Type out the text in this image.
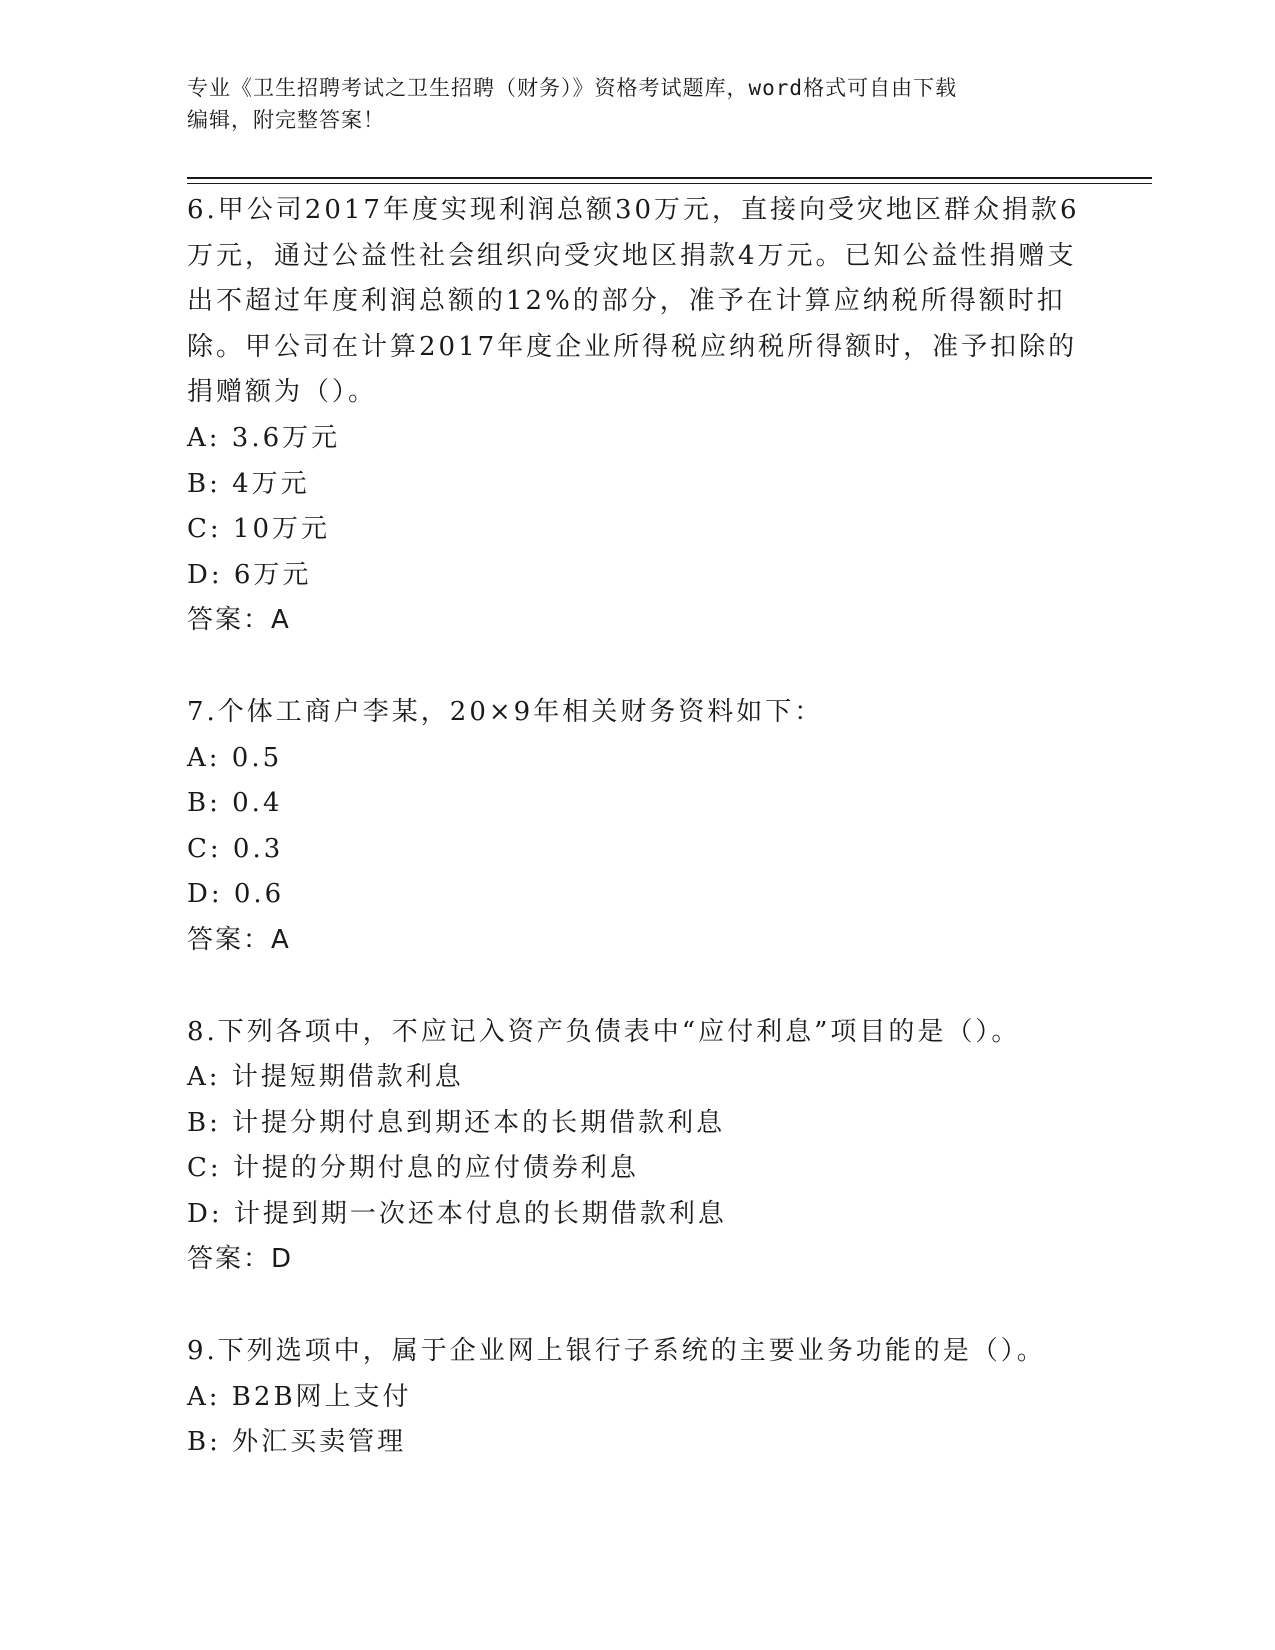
专业《卫生招聘考试之卫生招聘（财务）》资格考试题库，word格式可自由下载
编辑，附完整答案！

6.甲公司2017年度实现利润总额30万元，直接向受灾地区群众捐款6万元，通过公益性社会组织向受灾地区捐款4万元。已知公益性捐赠支出不超过年度利润总额的12%的部分，准予在计算应纳税所得额时扣除。甲公司在计算2017年度企业所得税应纳税所得额时，准予扣除的捐赠额为（）。

A: 3.6万元

B: 4万元

C: 10万元

D: 6万元

答案：A

7.个体工商户李某，20×9年相关财务资料如下：

A: 0.5

B: 0.4

C: 0.3

D: 0.6

答案：A

8.下列各项中，不应记入资产负债表中“应付利息”项目的是（）。

A: 计提短期借款利息

B: 计提分期付息到期还本的长期借款利息

C: 计提的分期付息的应付债券利息

D: 计提到期一次还本付息的长期借款利息

答案：D

9.下列选项中，属于企业网上银行子系统的主要业务功能的是（）。

A: B2B网上支付

B: 外汇买卖管理
